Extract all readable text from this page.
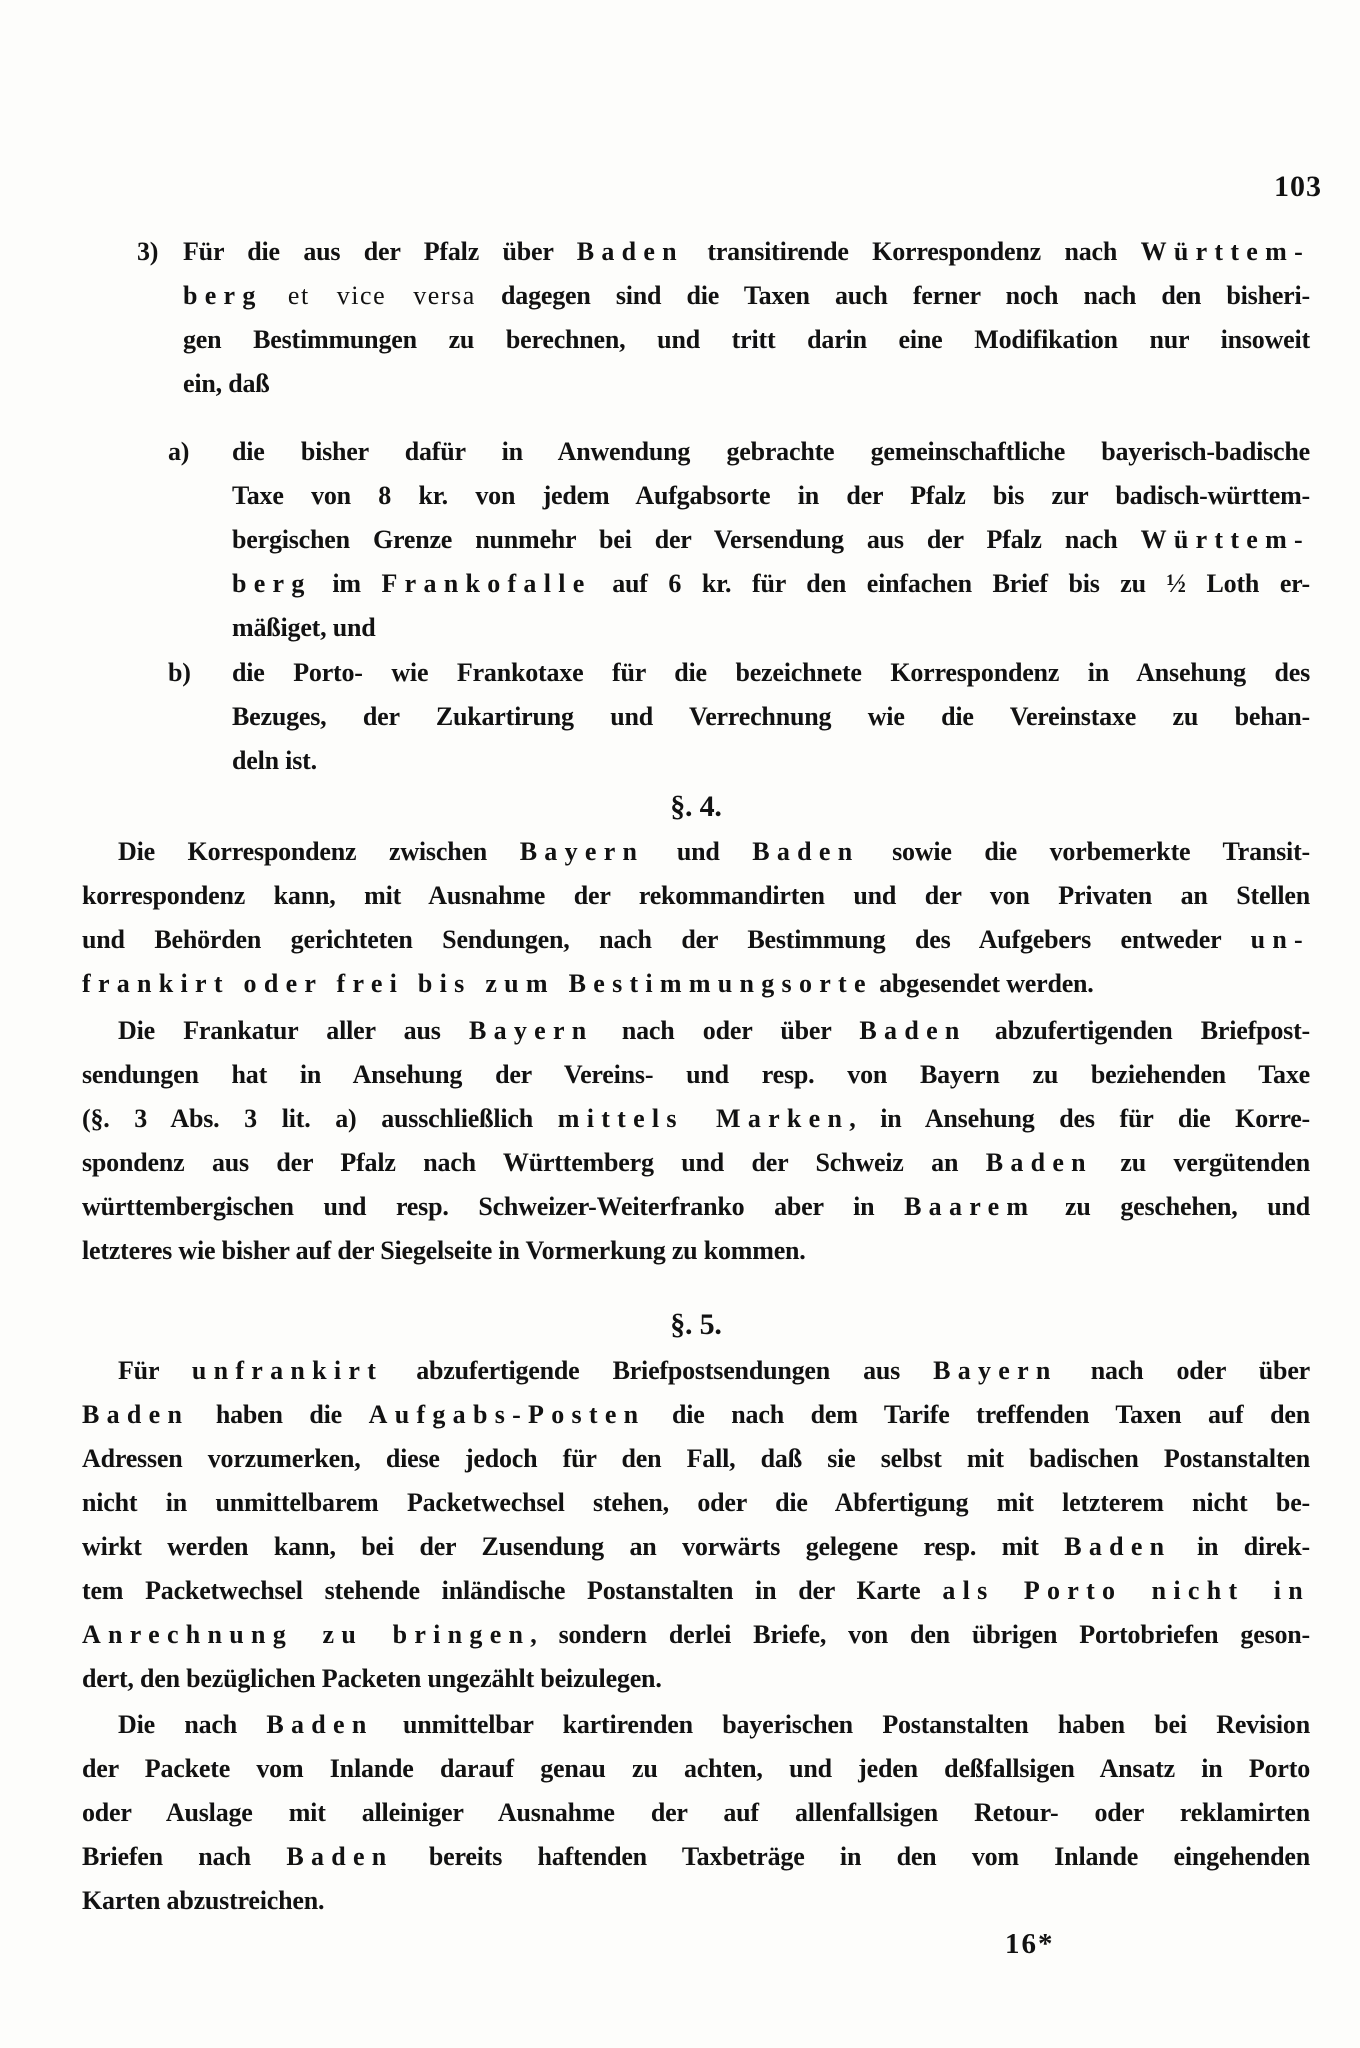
103
3) Für die aus der Pfalz über Baden transitirende Korrespondenz nach Württem-
berg et vice versa dagegen sind die Taxen auch ferner noch nach den bisheri-
gen Bestimmungen zu berechnen, und tritt darin eine Modifikation nur insoweit
ein, daß
a)	die bisher dafür in Anwendung gebrachte gemeinschaftliche bayerisch-badische
Taxe von 8 kr. von jedem Aufgabsorte in der Pfalz bis zur badisch-württem-
bergischen Grenze nunmehr bei der Versendung aus der Pfalz nach Württem-
berg im Frankofalle auf 6 kr. für den einfachen Brief bis zu ½ Loth er-
mäßiget, und
b)	die Porto- wie Frankotaxe für die bezeichnete Korrespondenz in Ansehung des
Bezuges, der Zukartirung und Verrechnung wie die Vereinstaxe zu behan-
deln ist.
§. 4.
Die Korrespondenz zwischen Bayern und Baden sowie die vorbemerkte Transit-
korrespondenz kann, mit Ausnahme der rekommandirten und der von Privaten an Stellen
und Behörden gerichteten Sendungen, nach der Bestimmung des Aufgebers entweder un-
frankirt oder frei bis zum Bestimmungsorte abgesendet werden.
Die Frankatur aller aus Bayern nach oder über Baden abzufertigenden Briefpost-
sendungen hat in Ansehung der Vereins- und resp. von Bayern zu beziehenden Taxe
(§. 3 Abs. 3 lit. a) ausschließlich mittels Marken, in Ansehung des für die Korre-
spondenz aus der Pfalz nach Württemberg und der Schweiz an Baden zu vergütenden
württembergischen und resp. Schweizer-Weiterfranko aber in Baarem zu geschehen, und
letzteres wie bisher auf der Siegelseite in Vormerkung zu kommen.
§. 5.
Für unfrankirt abzufertigende Briefpostsendungen aus Bayern nach oder über
Baden haben die Aufgabs-Posten die nach dem Tarife treffenden Taxen auf den
Adressen vorzumerken, diese jedoch für den Fall, daß sie selbst mit badischen Postanstalten
nicht in unmittelbarem Packetwechsel stehen, oder die Abfertigung mit letzterem nicht be-
wirkt werden kann, bei der Zusendung an vorwärts gelegene resp. mit Baden in direk-
tem Packetwechsel stehende inländische Postanstalten in der Karte als Porto nicht in
Anrechnung zu bringen, sondern derlei Briefe, von den übrigen Portobriefen geson-
dert, den bezüglichen Packeten ungezählt beizulegen.
Die nach Baden unmittelbar kartirenden bayerischen Postanstalten haben bei Revision
der Packete vom Inlande darauf genau zu achten, und jeden deßfallsigen Ansatz in Porto
oder Auslage mit alleiniger Ausnahme der auf allenfallsigen Retour- oder reklamirten
Briefen nach Baden bereits haftenden Taxbeträge in den vom Inlande eingehenden
Karten abzustreichen.
16*
